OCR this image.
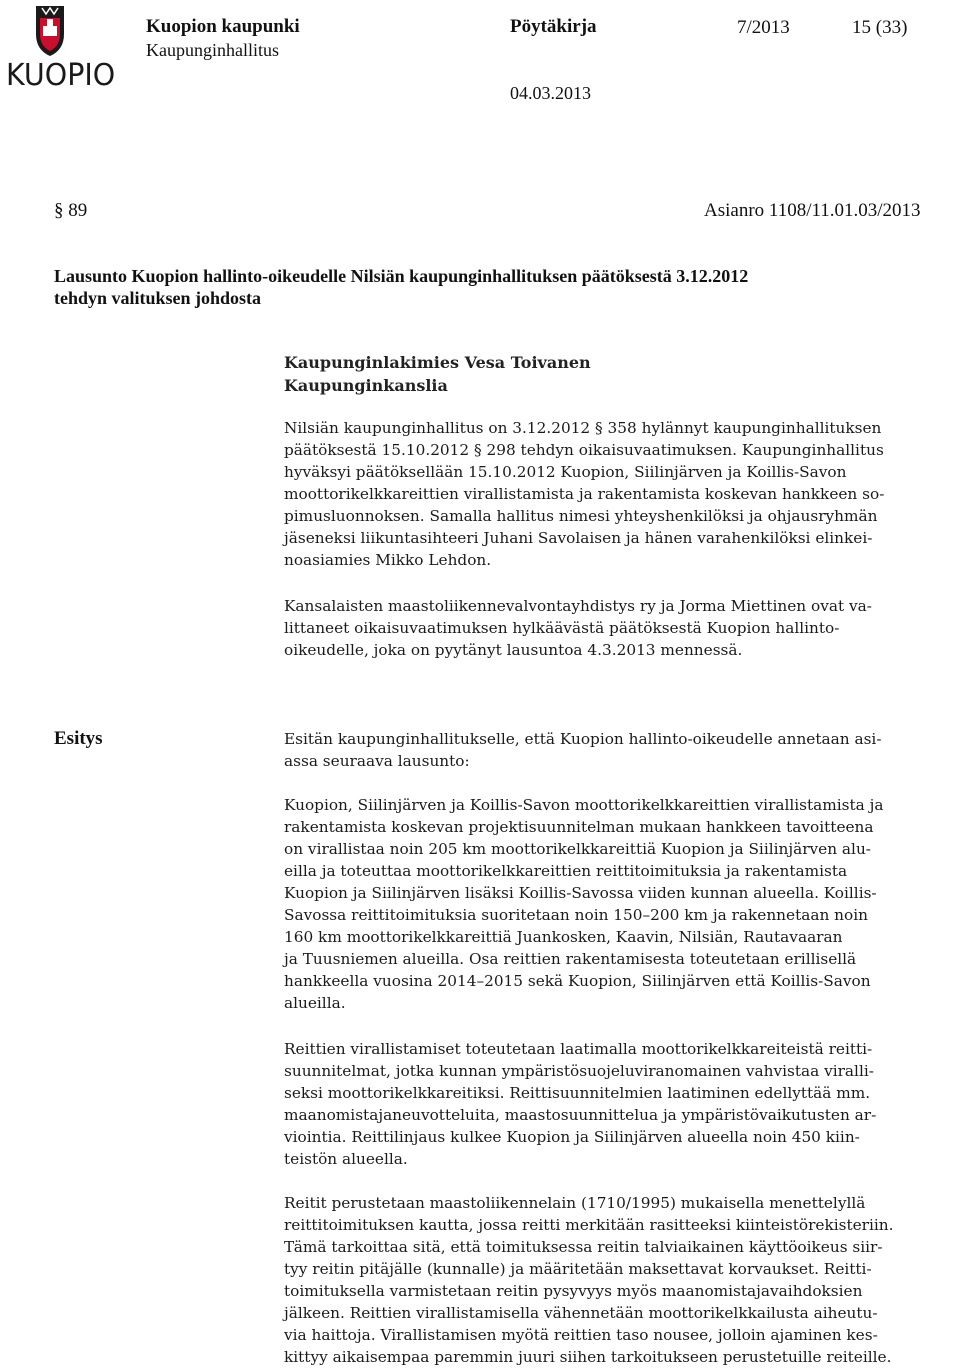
KUOPIO
Kuopion kaupunki
Kaupunginhallitus
Pöytäkirja	7/2013	15 (33)
04.03.2013
§ 89	Asianro 1108/11.01.03/2013

Lausunto Kuopion hallinto-oikeudelle Nilsiän kaupunginhallituksen päätöksestä 3.12.2012

tehdyn valituksen johdosta

Kaupunginlakimies Vesa Toivanen

Kaupunginkanslia

Nilsiän kaupunginhallitus on 3.12.2012 § 358 hylännyt kaupunginhallituksen

päätöksestä 15.10.2012 § 298 tehdyn oikaisuvaatimuksen. Kaupunginhallitus

hyväksyi päätöksellään 15.10.2012 Kuopion, Siilinjärven ja Koillis-Savon

moottorikelkkareittien virallistamista ja rakentamista koskevan hankkeen so-

pimusluonnoksen. Samalla hallitus nimesi yhteyshenkilöksi ja ohjausryhmän

jäseneksi liikuntasihteeri Juhani Savolaisen ja hänen varahenkilöksi elinkei-

noasiamies Mikko Lehdon.

Kansalaisten maastoliikennevalvontayhdistys ry ja Jorma Miettinen ovat va-

littaneet oikaisuvaatimuksen hylkäävästä päätöksestä Kuopion hallinto-

oikeudelle, joka on pyytänyt lausuntoa 4.3.2013 mennessä.

Esitys	Esitän kaupunginhallitukselle, että Kuopion hallinto-oikeudelle annetaan asi-

assa seuraava lausunto:

Kuopion, Siilinjärven ja Koillis-Savon moottorikelkkareittien virallistamista ja

rakentamista koskevan projektisuunnitelman mukaan hankkeen tavoitteena

on virallistaa noin 205 km moottorikelkkareittiä Kuopion ja Siilinjärven alu-

eilla ja toteuttaa moottorikelkkareittien reittitoimituksia ja rakentamista

Kuopion ja Siilinjärven lisäksi Koillis-Savossa viiden kunnan alueella. Koillis-

Savossa reittitoimituksia suoritetaan noin 150–200 km ja rakennetaan noin

160 km moottorikelkkareittiä Juankosken, Kaavin, Nilsiän, Rautavaaran

ja Tuusniemen alueilla. Osa reittien rakentamisesta toteutetaan erillisellä

hankkeella vuosina 2014–2015 sekä Kuopion, Siilinjärven että Koillis-Savon

alueilla.

Reittien virallistamiset toteutetaan laatimalla moottorikelkkareiteistä reitti-

suunnitelmat, jotka kunnan ympäristösuojeluviranomainen vahvistaa viralli-

seksi moottorikelkkareitiksi. Reittisuunnitelmien laatiminen edellyttää mm.

maanomistajaneuvotteluita, maastosuunnittelua ja ympäristövaikutusten ar-

viointia. Reittilinjaus kulkee Kuopion ja Siilinjärven alueella noin 450 kiin-

teistön alueella.

Reitit perustetaan maastoliikennelain (1710/1995) mukaisella menettelyllä

reittitoimituksen kautta, jossa reitti merkitään rasitteeksi kiinteistörekisteriin.

Tämä tarkoittaa sitä, että toimituksessa reitin talviaikainen käyttöoikeus siir-

tyy reitin pitäjälle (kunnalle) ja määritetään maksettavat korvaukset. Reitti-

toimituksella varmistetaan reitin pysyvyys myös maanomistajavaihdoksien

jälkeen. Reittien virallistamisella vähennetään moottorikelkkailusta aiheutu-

via haittoja. Virallistamisen myötä reittien taso nousee, jolloin ajaminen kes-

kittyy aikaisempaa paremmin juuri siihen tarkoitukseen perustetuille reiteille.
